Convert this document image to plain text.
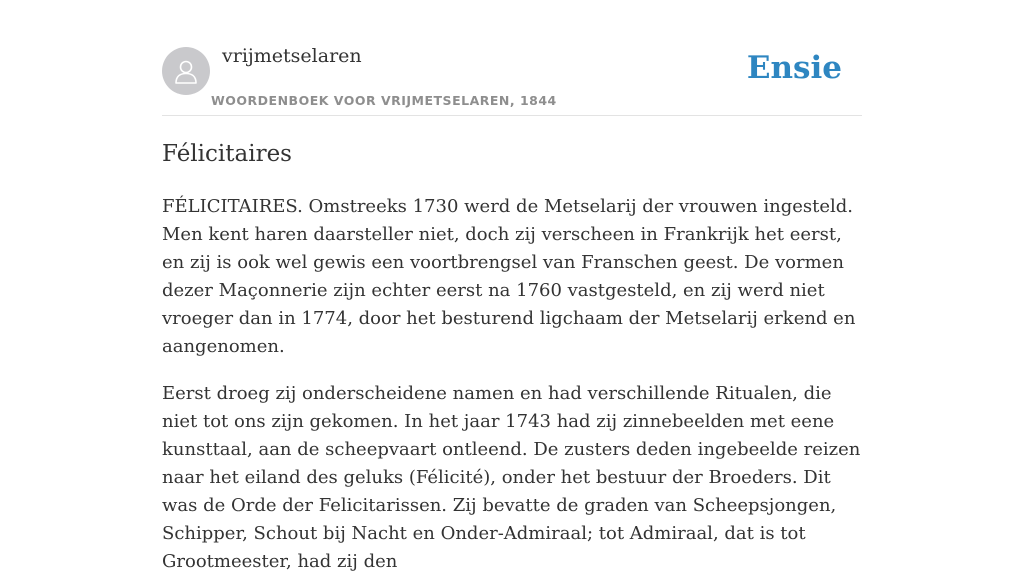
vrijmetselaren
WOORDENBOEK VOOR VRIJMETSELAREN, 1844
Ensie
Félicitaires

FÉLICITAIRES. Omstreeks 1730 werd de Metselarij der vrouwen ingesteld. Men kent haren daarsteller niet, doch zij verscheen in Frankrijk het eerst, en zij is ook wel gewis een voortbrengsel van Franschen geest. De vormen dezer Maçonnerie zijn echter eerst na 1760 vastgesteld, en zij werd niet vroeger dan in 1774, door het besturend ligchaam der Metselarij erkend en aangenomen.

Eerst droeg zij onderscheidene namen en had verschillende Ritualen, die niet tot ons zijn gekomen. In het jaar 1743 had zij zinnebeelden met eene kunsttaal, aan de scheepvaart ontleend. De zusters deden ingebeelde reizen naar het eiland des geluks (Félicité), onder het bestuur der Broeders. Dit was de Orde der Felicitarissen. Zij bevatte de graden van Scheepsjongen, Schipper, Schout bij Nacht en Onder-Admiraal; tot Admiraal, dat is tot Grootmeester, had zij den
